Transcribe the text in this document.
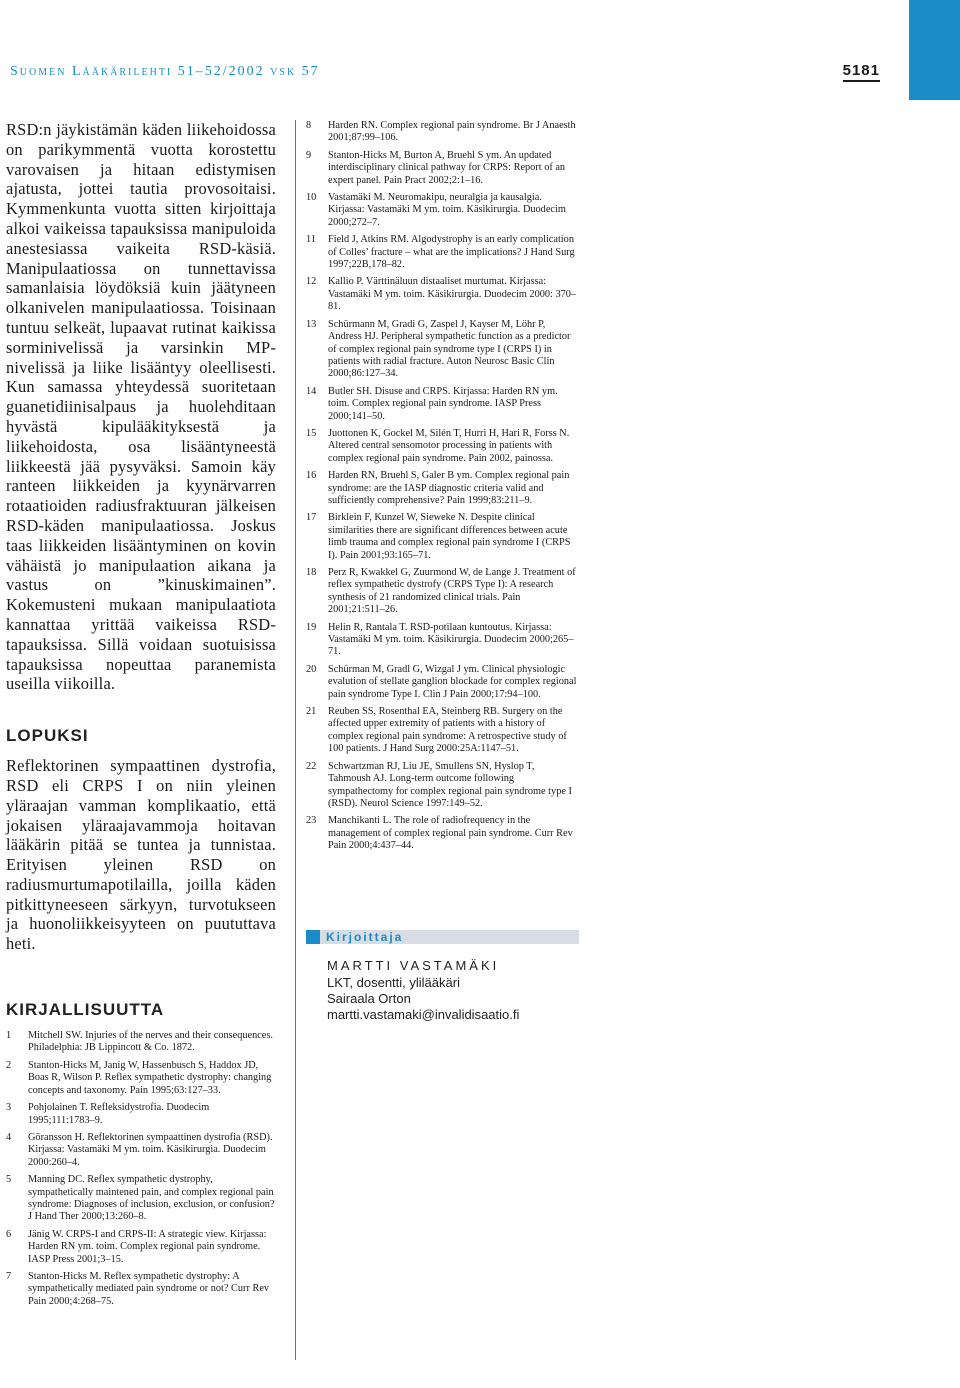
Suomen Lääkärilehti 51–52/2002 vsk 57	5181

RSD:n jäykistämän käden liikehoidossa on parikymmentä vuotta korostettu varovaisen ja hitaan edistymisen ajatusta, jottei tautia provosoitaisi. Kymmenkunta vuotta sitten kirjoittaja alkoi vaikeissa tapauksissa manipuloida anestesiassa vaikeita RSD-käsiä. Manipulaatiossa on tunnettavissa samanlaisia löydöksiä kuin jäätyneen olkanivelen manipulaatiossa. Toisinaan tuntuu selkeät, lupaavat rutinat kaikissa sorminivelissä ja varsinkin MP-nivelissä ja liike lisääntyy oleellisesti. Kun samassa yhteydessä suoritetaan guanetidiinisalpaus ja huolehditaan hyvästä kipulääkityksestä ja liikehoidosta, osa lisääntyneestä liikkeestä jää pysyväksi. Samoin käy ranteen liikkeiden ja kyynärvarren rotaatioiden radiusfraktuuran jälkeisen RSD-käden manipulaatiossa. Joskus taas liikkeiden lisääntyminen on kovin vähäistä jo manipulaation aikana ja vastus on ”kinuskimainen”. Kokemusteni mukaan manipulaatiota kannattaa yrittää vaikeissa RSD-tapauksissa. Sillä voidaan suotuisissa tapauksissa nopeuttaa paranemista useilla viikoilla.

LOPUKSI

Reflektorinen sympaattinen dystrofia, RSD eli CRPS I on niin yleinen yläraajan vamman komplikaatio, että jokaisen yläraajavammoja hoitavan lääkärin pitää se tuntea ja tunnistaa. Erityisen yleinen RSD on radiusmurtumapotilailla, joilla käden pitkittyneeseen särkyyn, turvotukseen ja huonoliikkeisyyteen on puututtava heti.

KIRJALLISUUTTA
1	Mitchell SW. Injuries of the nerves and their consequences. Philadelphia: JB Lippincott & Co. 1872.
2	Stanton-Hicks M, Janig W, Hassenbusch S, Haddox JD, Boas R, Wilson P. Reflex sympathetic dystrophy: changing concepts and taxonomy. Pain 1995;63:127–33.
3	Pohjolainen T. Refleksidystrofia. Duodecim 1995;111:1783–9.
4	Göransson H. Reflektorinen sympaattinen dystrofia (RSD). Kirjassa: Vastamäki M ym. toim. Käsikirurgia. Duodecim 2000:260–4.
5	Manning DC. Reflex sympathetic dystrophy, sympathetically maintened pain, and complex regional pain syndrome: Diagnoses of inclusion, exclusion, or confusion? J Hand Ther 2000;13:260–8.
6	Jänig W. CRPS-I and CRPS-II: A strategic view. Kirjassa: Harden RN ym. toim. Complex regional pain syndrome. IASP Press 2001;3–15.
7	Stanton-Hicks M. Reflex sympathetic dystrophy: A sympathetically mediated pain syndrome or not? Curr Rev Pain 2000;4:268–75.
8	Harden RN. Complex regional pain syndrome. Br J Anaesth 2001;87:99–106.
9	Stanton-Hicks M, Burton A, Bruehl S ym. An updated interdisciplinary clinical pathway for CRPS: Report of an expert panel. Pain Pract 2002;2:1–16.
10	Vastamäki M. Neuromakipu, neuralgia ja kausalgia. Kirjassa: Vastamäki M ym. toim. Käsikirurgia. Duodecim 2000;272–7.
11	Field J, Atkins RM. Algodystrophy is an early complication of Colles’ fracture – what are the implications? J Hand Surg 1997;22B,178–82.
12	Kallio P. Värttinäluun distaaliset murtumat. Kirjassa: Vastamäki M ym. toim. Käsikirurgia. Duodecim 2000: 370–81.
13	Schürmann M, Gradi G, Zaspel J, Kayser M, Löhr P, Andress HJ. Peripheral sympathetic function as a predictor of complex regional pain syndrome type I (CRPS I) in patients with radial fracture. Auton Neurosc Basic Clin 2000;86:127–34.
14	Butler SH. Disuse and CRPS. Kirjassa: Harden RN ym. toim. Complex regional pain syndrome. IASP Press 2000;141–50.
15	Juottonen K, Gockel M, Silén T, Hurri H, Hari R, Forss N. Altered central sensomotor processing in patients with complex regional pain syndrome. Pain 2002, painossa.
16	Harden RN, Bruehl S, Galer B ym. Complex regional pain syndrome: are the IASP diagnostic criteria valid and sufficiently comprehensive? Pain 1999;83:211–9.
17	Birklein F, Kunzel W, Sieweke N. Despite clinical similarities there are significant differences between acute limb trauma and complex regional pain syndrome I (CRPS I). Pain 2001;93:165–71.
18	Perz R, Kwakkel G, Zuurmond W, de Lange J. Treatment of reflex sympathetic dystrofy (CRPS Type I): A research synthesis of 21 randomized clinical trials. Pain 2001;21:511–26.
19	Helin R, Rantala T. RSD-potilaan kuntoutus. Kirjassa: Vastamäki M ym. toim. Käsikirurgia. Duodecim 2000;265–71.
20	Schürman M, Gradl G, Wizgal J ym. Clinical physiologic evalution of stellate ganglion blockade for complex regional pain syndrome Type I. Clin J Pain 2000;17:94–100.
21	Reuben SS, Rosenthal EA, Steinberg RB. Surgery on the affected upper extremity of patients with a history of complex regional pain syndrome: A retrospective study of 100 patients. J Hand Surg 2000:25A:1147–51.
22	Schwartzman RJ, Liu JE, Smullens SN, Hyslop T, Tahmoush AJ. Long-term outcome following sympathectomy for complex regional pain syndrome type I (RSD). Neurol Science 1997:149–52.
23	Manchikanti L. The role of radiofrequency in the management of complex regional pain syndrome. Curr Rev Pain 2000;4:437–44.
Kirjoittaja
MARTTI VASTAMÄKI
LKT, dosentti, ylilääkäri
Sairaala Orton
martti.vastamaki@invalidisaatio.fi
